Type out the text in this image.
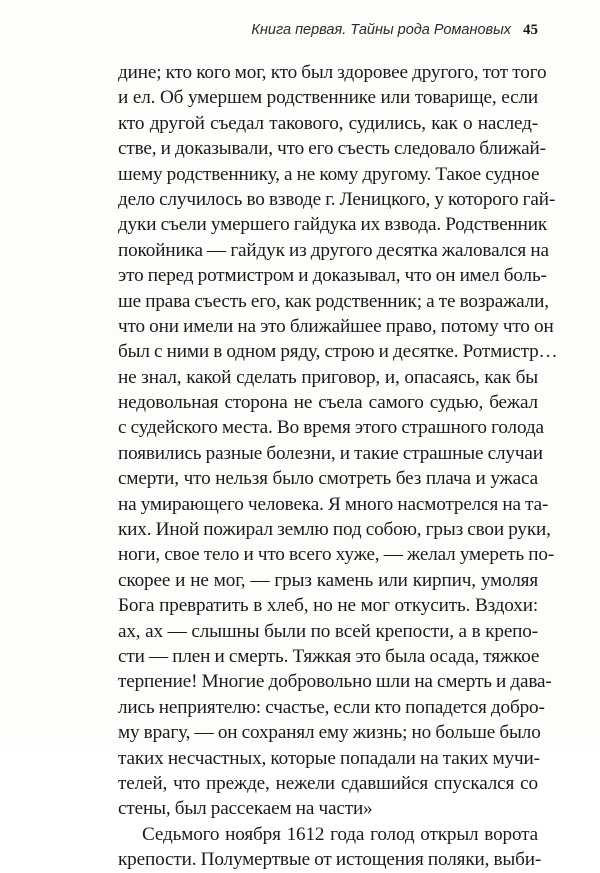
Книга первая. Тайны рода Романовых 45
дине; кто кого мог, кто был здоровее другого, тот того
и ел. Об умершем родственнике или товарище, если
кто другой съедал такового, судились, как о наслед-
стве, и доказывали, что его съесть следовало ближай-
шему родственнику, а не кому другому. Такое судное
дело случилось во взводе г. Леницкого, у которого гай-
дуки съели умершего гайдука их взвода. Родственник
покойника — гайдук из другого десятка жаловался на
это перед ротмистром и доказывал, что он имел боль-
ше права съесть его, как родственник; а те возражали,
что они имели на это ближайшее право, потому что он
был с ними в одном ряду, строю и десятке. Ротмистр…
не знал, какой сделать приговор, и, опасаясь, как бы
недовольная сторона не съела самого судью, бежал
с судейского места. Во время этого страшного голода
появились разные болезни, и такие страшные случаи
смерти, что нельзя было смотреть без плача и ужаса
на умирающего человека. Я много насмотрелся на та-
ких. Иной пожирал землю под собою, грыз свои руки,
ноги, свое тело и что всего хуже, — желал умереть по-
скорее и не мог, — грыз камень или кирпич, умоляя
Бога превратить в хлеб, но не мог откусить. Вздохи:
ах, ах — слышны были по всей крепости, а в крепо-
сти — плен и смерть. Тяжкая это была осада, тяжкое
терпение! Многие добровольно шли на смерть и дава-
лись неприятелю: счастье, если кто попадется добро-
му врагу, — он сохранял ему жизнь; но больше было
таких несчастных, которые попадали на таких мучи-
телей, что прежде, нежели сдавшийся спускался со
стены, был рассекаем на части»
Седьмого ноября 1612 года голод открыл ворота
крепости. Полумертвые от истощения поляки, выби-
